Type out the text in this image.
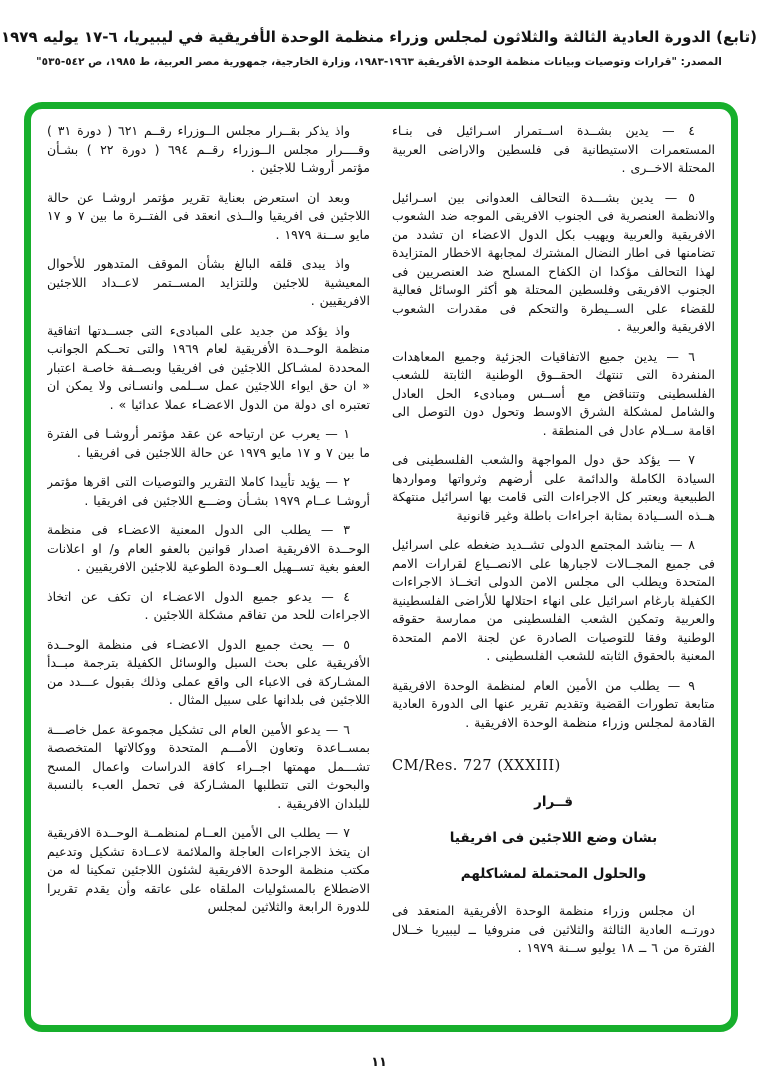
(تابع) الدورة العادية الثالثة والثلاثون لمجلس وزراء منظمة الوحدة الأفريقية في ليبيريا، ٦-١٧ يوليه ١٩٧٩
المصدر: "قرارات وتوصيات وبيانات منظمة الوحدة الأفريقية ١٩٦٣-١٩٨٣، وزارة الخارجية، جمهورية مصر العربية، ط ١٩٨٥، ص ٥٤٢-٥٣٥"

٤ — يدين بشــدة اســتمرار اسـرائيل فى بنـاء المستعمرات الاستيطانية فى فلسطين والاراضى العربية المحتلة الاخــرى .

٥ — يدين بشـــدة التحالف العدوانى بين اسـرائيل والانظمة العنصرية فى الجنوب الافريقى الموجه ضد الشعوب الافريقية والعربية ويهيب بكل الدول الاعضاء ان تشدد من تضامنها فى اطار النضال المشترك لمجابهة الاخطار المتزايدة لهذا التحالف مؤكدا ان الكفاح المسلح ضد العنصريين فى الجنوب الافريقى وفلسطين المحتلة هو أكثر الوسائل فعالية للقضاء على الســيطرة والتحكم فى مقدرات الشعوب الافريقية والعربية .

٦ — يدين جميع الاتفاقيات الجزئية وجميع المعاهدات المنفردة التى تنتهك الحقــوق الوطنية الثابتة للشعب الفلسطينى وتتناقض مع أســس ومبادىء الحل العادل والشامل لمشكلة الشرق الاوسط وتحول دون التوصل الى اقامة ســلام عادل فى المنطقة .

٧ — يؤكد حق دول المواجهة والشعب الفلسطينى فى السيادة الكاملة والدائمة على أرضهم وثرواتها ومواردها الطبيعية ويعتبر كل الاجراءات التى قامت بها اسرائيل منتهكة هــذه الســيادة بمثابة اجراءات باطلة وغير قانونية

٨ — يناشد المجتمع الدولى تشــديد ضغطه على اسرائيل فى جميع المجــالات لاجبارها على الانصــياع لقرارات الامم المتحدة ويطلب الى مجلس الامن الدولى اتخــاذ الاجراءات الكفيلة بارغام اسرائيل على انهاء احتلالها للأراضى الفلسطينية والعربية وتمكين الشعب الفلسطينى من ممارسة حقوقه الوطنية وفقا للتوصيات الصادرة عن لجنة الامم المتحدة المعنية بالحقوق الثابته للشعب الفلسطينى .

٩ — يطلب من الأمين العام لمنظمة الوحدة الافريقية متابعة تطورات القضية وتقديم تقرير عنها الى الدورة العادية القادمة لمجلس وزراء منظمة الوحدة الافريقية .

CM/Res. 727 (XXXIII)
قــرار
بشان وضع اللاجئين فى افريقيا
والحلول المحتملة لمشاكلهم

ان مجلس وزراء منظمة الوحدة الأفريقية المنعقد فى دورتــه العادية الثالثة والثلاثين فى منروفيا ــ ليبيريا خــلال الفترة من ٦ ــ ١٨ يوليو ســنة ١٩٧٩ .

واذ يذكر بقــرار مجلس الــوزراء رقــم ٦٢١ ( دورة ٣١ ) وقــــرار مجلس الــوزراء رقــم ٦٩٤ ( دورة ٢٢ ) بشـأن مؤتمر أروشـا للاجئين .

وبعد ان استعرض بعناية تقرير مؤتمر اروشـا عن حالة اللاجئين فى افريقيا والــذى انعقد فى الفتــرة ما بين ٧ و ١٧ مايو ســنة ١٩٧٩ .

واذ يبدى قلقه البالغ بشأن الموقف المتدهور للأحوال المعيشية للاجئين وللتزايد المســتمر لاعــداد اللاجئين الافريقيين .

واذ يؤكد من جديد على المبادىء التى جســدتها اتفاقية منظمة الوحــدة الأفريقية لعام ١٩٦٩ والتى تحــكم الجوانب المحددة لمشـاكل اللاجئين فى افريقيا وبصــفة خاصـة اعتبار « ان حق ايواء اللاجئين عمل ســلمى وانسـانى ولا يمكن ان تعتبره اى دولة من الدول الاعضـاء عملا عدائيا » .

١ — يعرب عن ارتياحه عن عقد مؤتمر أروشـا فى الفترة ما بين ٧ و ١٧ مايو ١٩٧٩ عن حالة اللاجئين فى افريقيا .

٢ — يؤيد تأييدا كاملا التقرير والتوصيات التى اقرها مؤتمر أروشـا عــام ١٩٧٩ بشـأن وضـــع اللاجئين فى افريقيا .

٣ — يطلب الى الدول المعنية الاعضـاء فى منظمة الوحــدة الافريقية اصدار قوانين بالعفو العام و/ او اعلانات العفو بغية تســهيل العــودة الطوعية للاجئين الافريقيين .

٤ — يدعو جميع الدول الاعضـاء ان تكف عن اتخاذ الاجراءات للحد من تفاقم مشكلة اللاجئين .

٥ — يحث جميع الدول الاعضـاء فى منظمة الوحــدة الأفريقية على بحث السبل والوسائل الكفيلة بترجمة مبــدأ المشـاركة فى الاعباء الى واقع عملى وذلك بقبول عـــدد من اللاجئين فى بلدانها على سبيل المثال .

٦ — يدعو الأمين العام الى تشكيل مجموعة عمل خاصـــة بمســاعدة وتعاون الأمـــم المتحدة ووكالاتها المتخصصة تشـــمل مهمتها اجــراء كافة الدراسات واعمال المسح والبحوث التى تتطلبها المشـاركة فى تحمل العبء بالنسبة للبلدان الافريقية .

٧ — يطلب الى الأمين العــام لمنظمــة الوحــدة الافريقية ان يتخذ الاجراءات العاجلة والملائمة لاعــادة تشكيل وتدعيم مكتب منظمة الوحدة الافريقية لشئون اللاجئين تمكينا له من الاضطلاع بالمسئوليات الملقاه على عاتقه وأن يقدم تقريرا للدورة الرابعة والثلاثين لمجلس

١١
